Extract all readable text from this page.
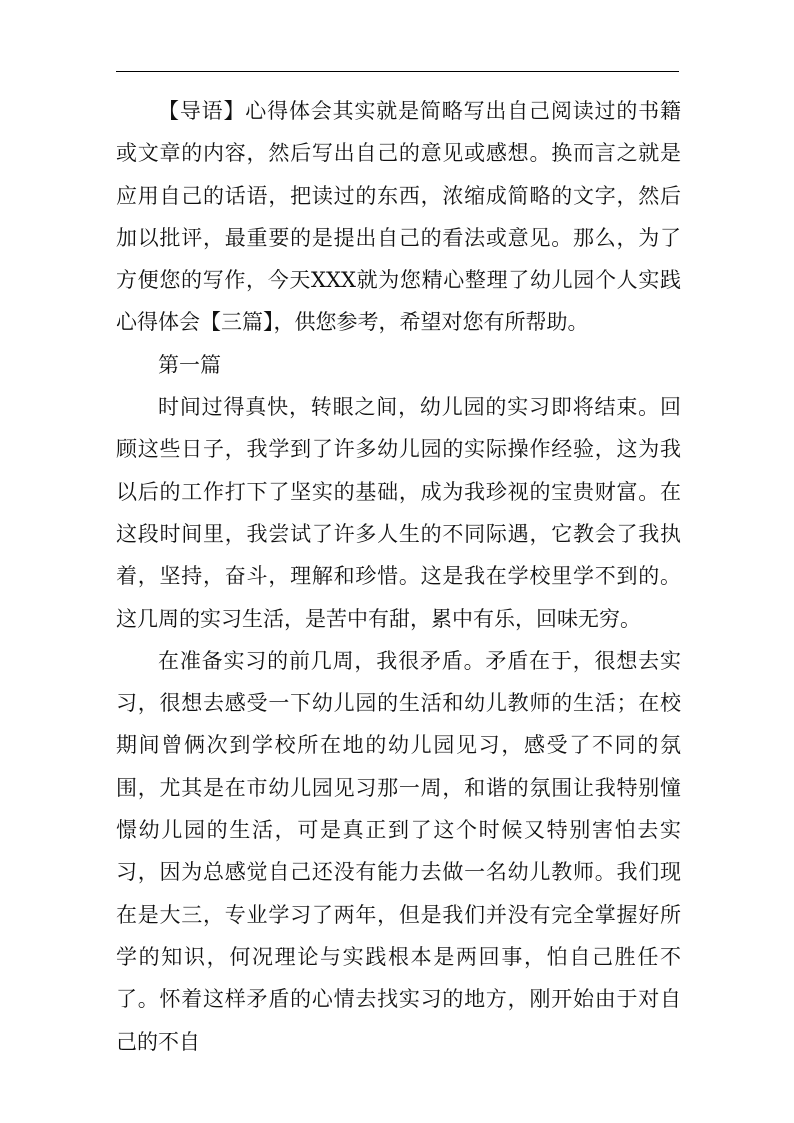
【导语】心得体会其实就是简略写出自己阅读过的书籍或文章的内容，然后写出自己的意见或感想。换而言之就是应用自己的话语，把读过的东西，浓缩成简略的文字，然后加以批评，最重要的是提出自己的看法或意见。那么，为了方便您的写作，今天XXX就为您精心整理了幼儿园个人实践心得体会【三篇】，供您参考，希望对您有所帮助。

第一篇

时间过得真快，转眼之间，幼儿园的实习即将结束。回顾这些日子，我学到了许多幼儿园的实际操作经验，这为我以后的工作打下了坚实的基础，成为我珍视的宝贵财富。在这段时间里，我尝试了许多人生的不同际遇，它教会了我执着，坚持，奋斗，理解和珍惜。这是我在学校里学不到的。这几周的实习生活，是苦中有甜，累中有乐，回味无穷。

在准备实习的前几周，我很矛盾。矛盾在于，很想去实习，很想去感受一下幼儿园的生活和幼儿教师的生活；在校期间曾俩次到学校所在地的幼儿园见习，感受了不同的氛围，尤其是在市幼儿园见习那一周，和谐的氛围让我特别憧憬幼儿园的生活，可是真正到了这个时候又特别害怕去实习，因为总感觉自己还没有能力去做一名幼儿教师。我们现在是大三，专业学习了两年，但是我们并没有完全掌握好所学的知识，何况理论与实践根本是两回事，怕自己胜任不了。怀着这样矛盾的心情去找实习的地方，刚开始由于对自己的不自
